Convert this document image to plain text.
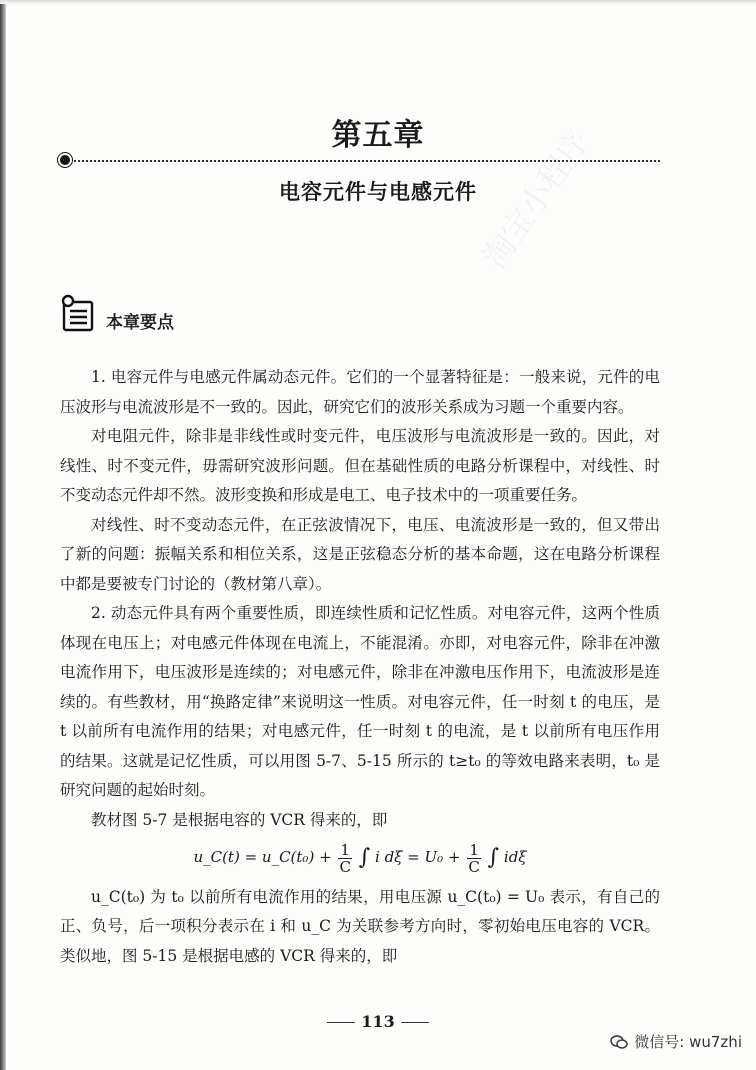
淘宝小程序
第五章
电容元件与电感元件
本章要点

1. 电容元件与电感元件属动态元件。它们的一个显著特征是：一般来说，元件的电压波形与电流波形是不一致的。因此，研究它们的波形关系成为习题一个重要内容。

对电阻元件，除非是非线性或时变元件，电压波形与电流波形是一致的。因此，对线性、时不变元件，毋需研究波形问题。但在基础性质的电路分析课程中，对线性、时不变动态元件却不然。波形变换和形成是电工、电子技术中的一项重要任务。

对线性、时不变动态元件，在正弦波情况下，电压、电流波形是一致的，但又带出了新的问题：振幅关系和相位关系，这是正弦稳态分析的基本命题，这在电路分析课程中都是要被专门讨论的（教材第八章）。

2. 动态元件具有两个重要性质，即连续性质和记忆性质。对电容元件，这两个性质体现在电压上；对电感元件体现在电流上，不能混淆。亦即，对电容元件，除非在冲激电流作用下，电压波形是连续的；对电感元件，除非在冲激电压作用下，电流波形是连续的。有些教材，用“换路定律”来说明这一性质。对电容元件，任一时刻 t 的电压，是 t 以前所有电流作用的结果；对电感元件，任一时刻 t 的电流，是 t 以前所有电压作用的结果。这就是记忆性质，可以用图 5-7、5-15 所示的 t≥t₀ 的等效电路来表明，t₀ 是研究问题的起始时刻。

教材图 5-7 是根据电容的 VCR 得来的，即

u_C(t) = u_C(t₀) + $\frac{1}{C}$ ∫ i $d\xi = U_0 + \frac{1}{C}$ ∫ idξ

u_C(t₀) 为 t₀ 以前所有电流作用的结果，用电压源 u_C(t₀) = U₀ 表示，有自己的正、负号，后一项积分表示在 i 和 u_C 为关联参考方向时，零初始电压电容的 VCR。类似地，图 5-15 是根据电感的 VCR 得来的，即

113
微信号: wu7zhi
